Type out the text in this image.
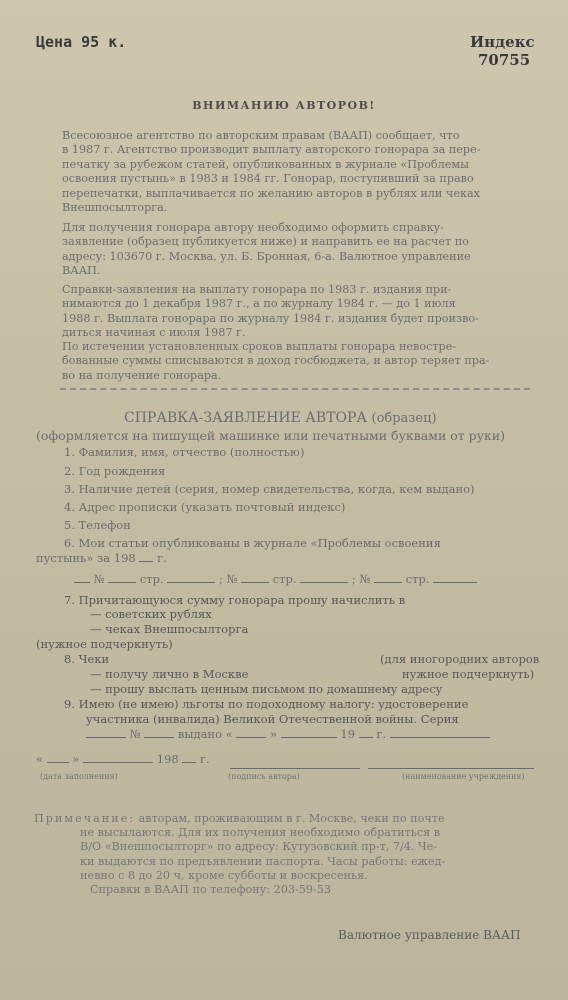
Цена 95 к.	Индекс
70755
ВНИМАНИЮ АВТОРОВ!
Всесоюзное агентство по авторским правам (ВААП) сообщает, что
в 1987 г. Агентство производит выплату авторского гонорара за пере-
печатку за рубежом статей, опубликованных в журнале «Проблемы
освоения пустынь» в 1983 и 1984 гг. Гонорар, поступивший за право
перепечатки, выплачивается по желанию авторов в рублях или чеках
Внешпосылторга.
Для получения гонорара автору необходимо оформить справку-
заявление (образец публикуется ниже) и направить ее на расчет по
адресу: 103670 г. Москва, ул. Б. Бронная, 6-а. Валютное управление
ВААП.
Справки-заявления на выплату гонорара по 1983 г. издания при-
нимаются до 1 декабря 1987 г., а по журналу 1984 г. — до 1 июля
1988 г. Выплата гонорара по журналу 1984 г. издания будет произво-
диться начиная с июля 1987 г.
По истечении установленных сроков выплаты гонорара невостре-
бованные суммы списываются в доход госбюджета, и автор теряет пра-
во на получение гонорара.
СПРАВКА-ЗАЯВЛЕНИЕ АВТОРА (образец)
(оформляется на пишущей машинке или печатными буквами от руки)
1. Фамилия, имя, отчество (полностью)
2. Год рождения
3. Наличие детей (серия, номер свидетельства, когда, кем выдано)
4. Адрес прописки (указать почтовый индекс)
5. Телефон
6. Мои статьи опубликованы в журнале «Проблемы освоения
пустынь» за 198 г.
№	стр.	; №	стр.	; №	стр.
7. Причитающуюся сумму гонорара прошу начислить в
— советских рублях
— чеках Внешпосылторга
(нужное подчеркнуть)
8. Чеки	(для иногородних авторов
— получу лично в Москве	нужное подчеркнуть)
— прошу выслать ценным письмом по домашнему адресу
9. Имею (не имею) льготы по подоходному налогу: удостоверение
участника (инвалида) Великой Отечественной войны. Серия
№	выдано «	»	19 г.
«	»	198 г.
(дата заполнения)	(подпись автора)	(наименование учреждения)
Примечание: авторам, проживающим в г. Москве, чеки по почте
не высылаются. Для их получения необходимо обратиться в
В/О «Внешпосылторг» по адресу: Кутузовский пр-т, 7/4. Че-
ки выдаются по предъявлении паспорта. Часы работы: ежед-
невно с 8 до 20 ч, кроме субботы и воскресенья.
Справки в ВААП по телефону: 203-59-53
Валютное управление ВААП
